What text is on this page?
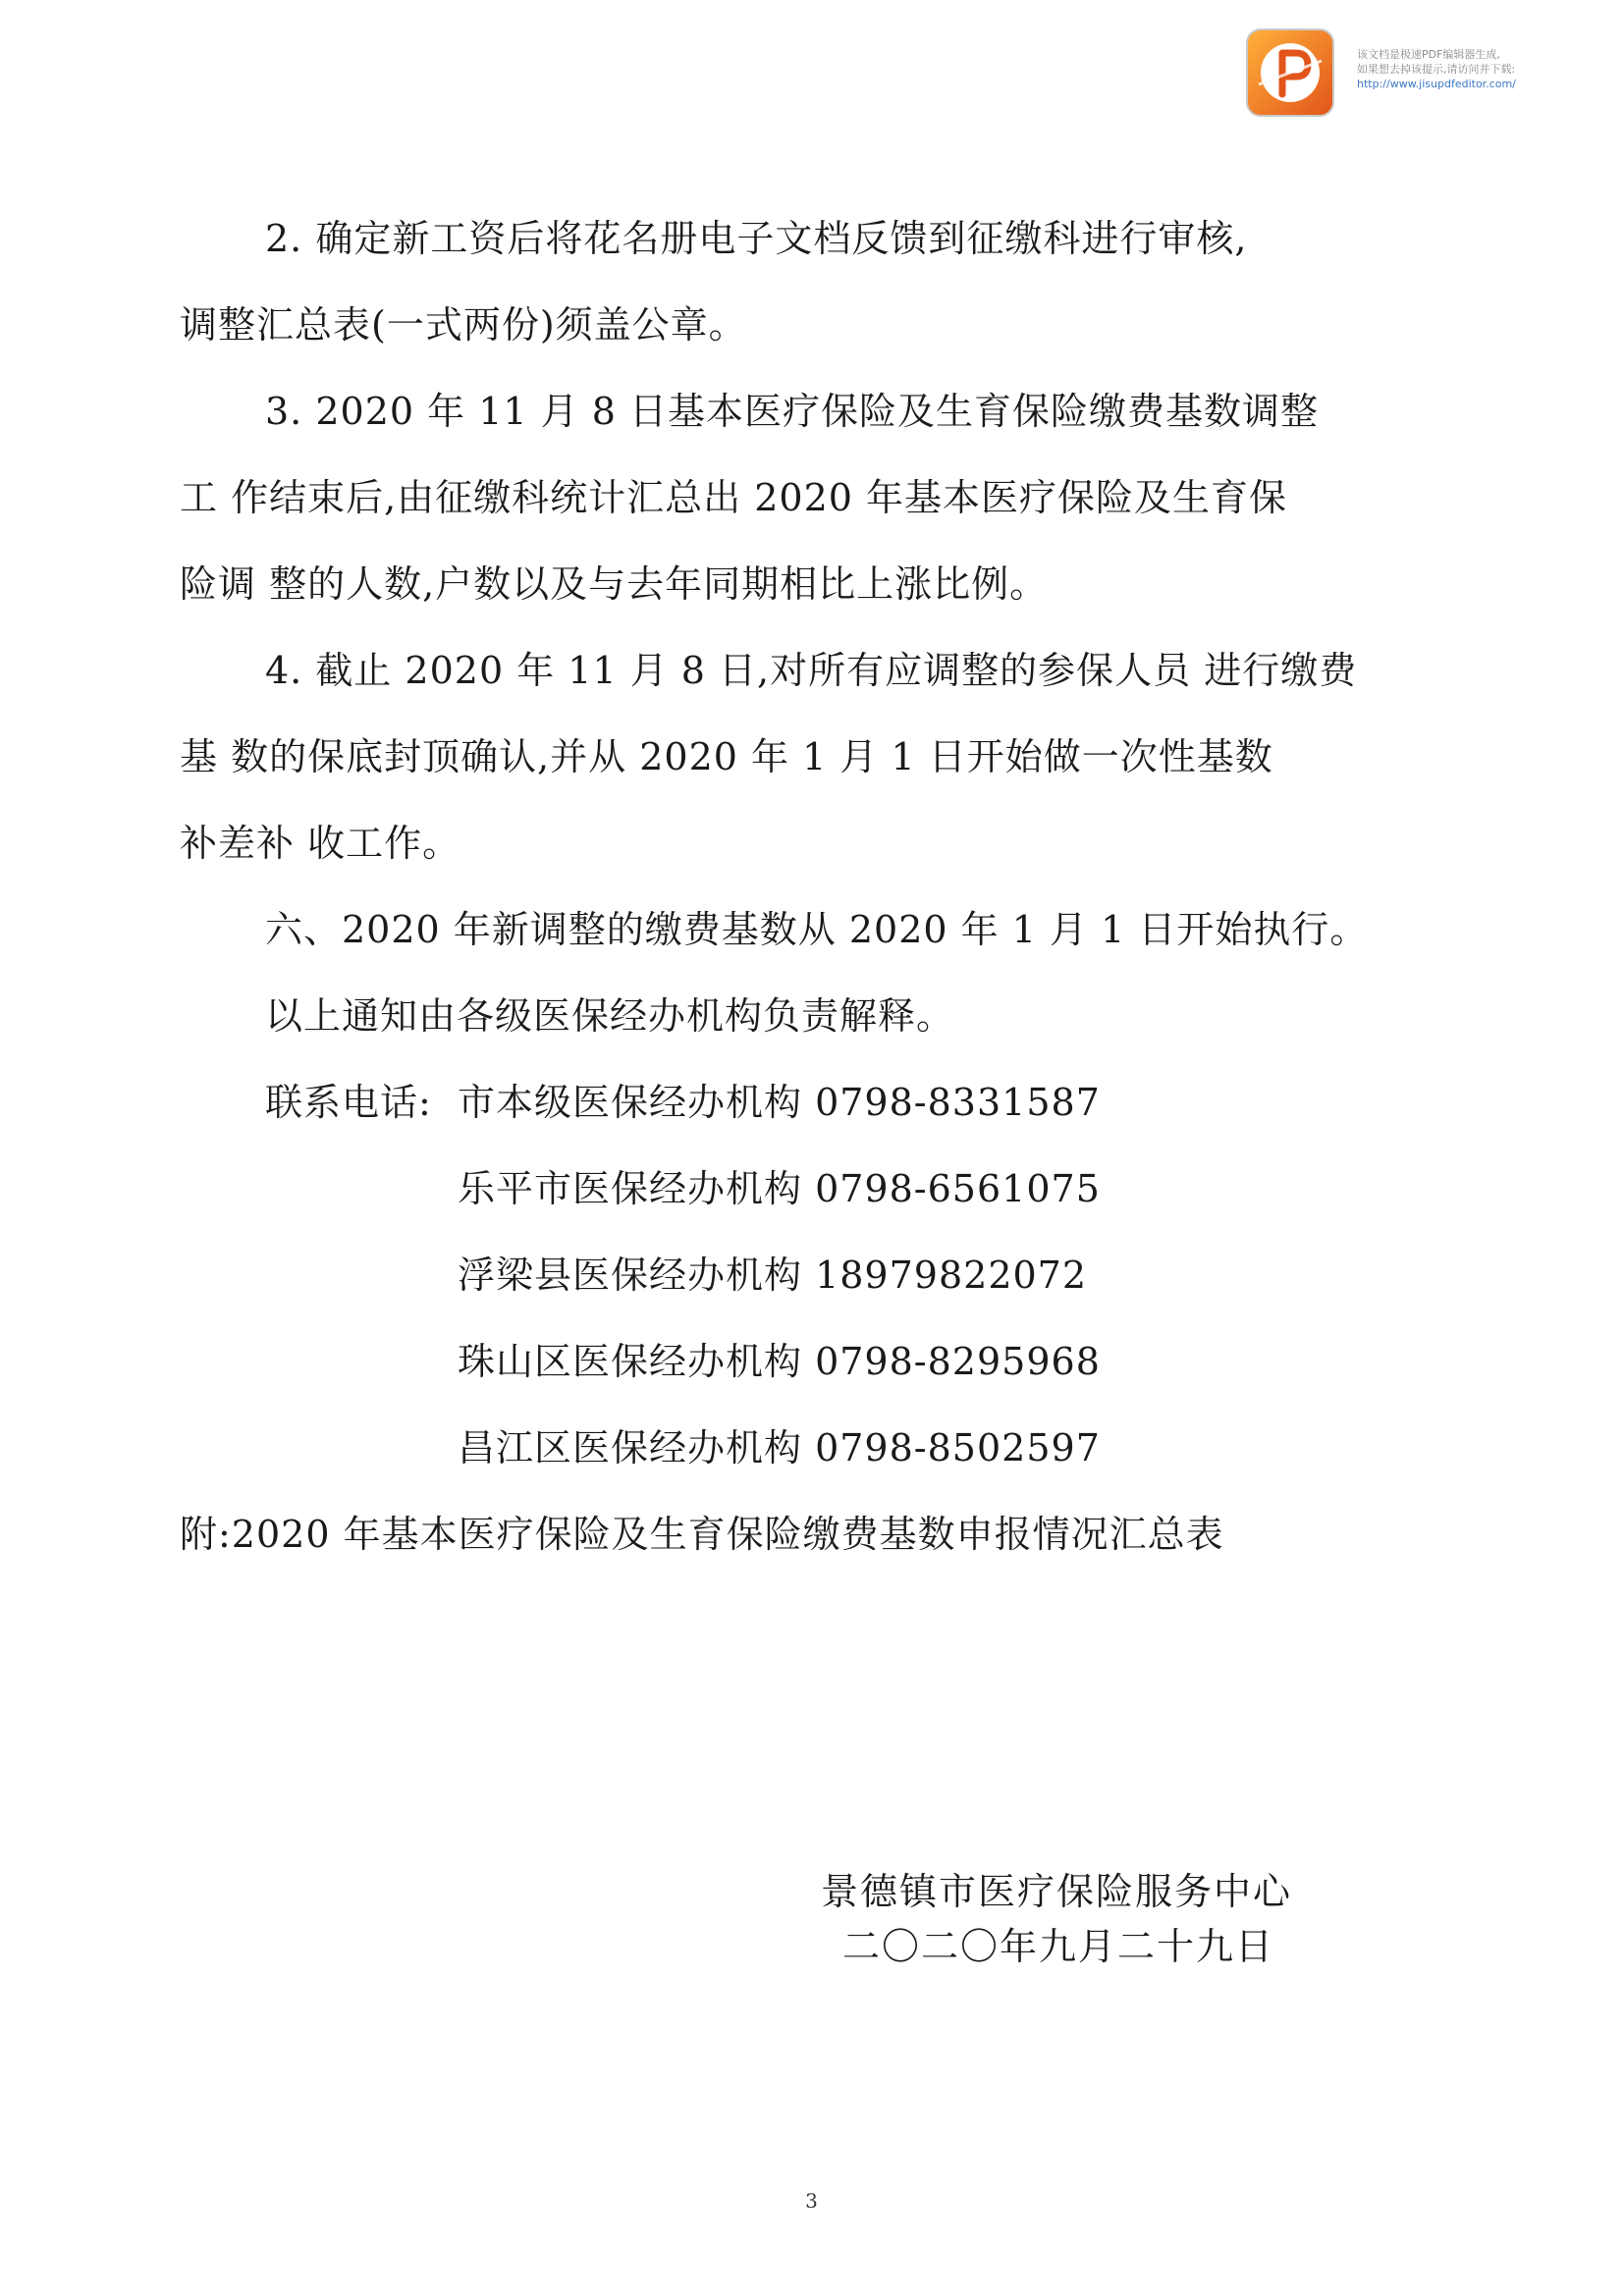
该文档是极速PDF编辑器生成,
如果想去掉该提示,请访问并下载:
http://www.jisupdfeditor.com/
2. 确定新工资后将花名册电子文档反馈到征缴科进行审核,
调整汇总表(一式两份)须盖公章。
3. 2020 年 11 月 8 日基本医疗保险及生育保险缴费基数调整
工 作结束后,由征缴科统计汇总出 2020 年基本医疗保险及生育保
险调 整的人数,户数以及与去年同期相比上涨比例。
4. 截止 2020 年 11 月 8 日,对所有应调整的参保人员 进行缴费
基 数的保底封顶确认,并从 2020 年 1 月 1 日开始做一次性基数
补差补 收工作。
六、2020 年新调整的缴费基数从 2020 年 1 月 1 日开始执行。
以上通知由各级医保经办机构负责解释。
联系电话: 市本级医保经办机构 0798-8331587
乐平市医保经办机构 0798-6561075
浮梁县医保经办机构 18979822072
珠山区医保经办机构 0798-8295968
昌江区医保经办机构 0798-8502597
附:2020 年基本医疗保险及生育保险缴费基数申报情况汇总表
景德镇市医疗保险服务中心
二〇二〇年九月二十九日
3
